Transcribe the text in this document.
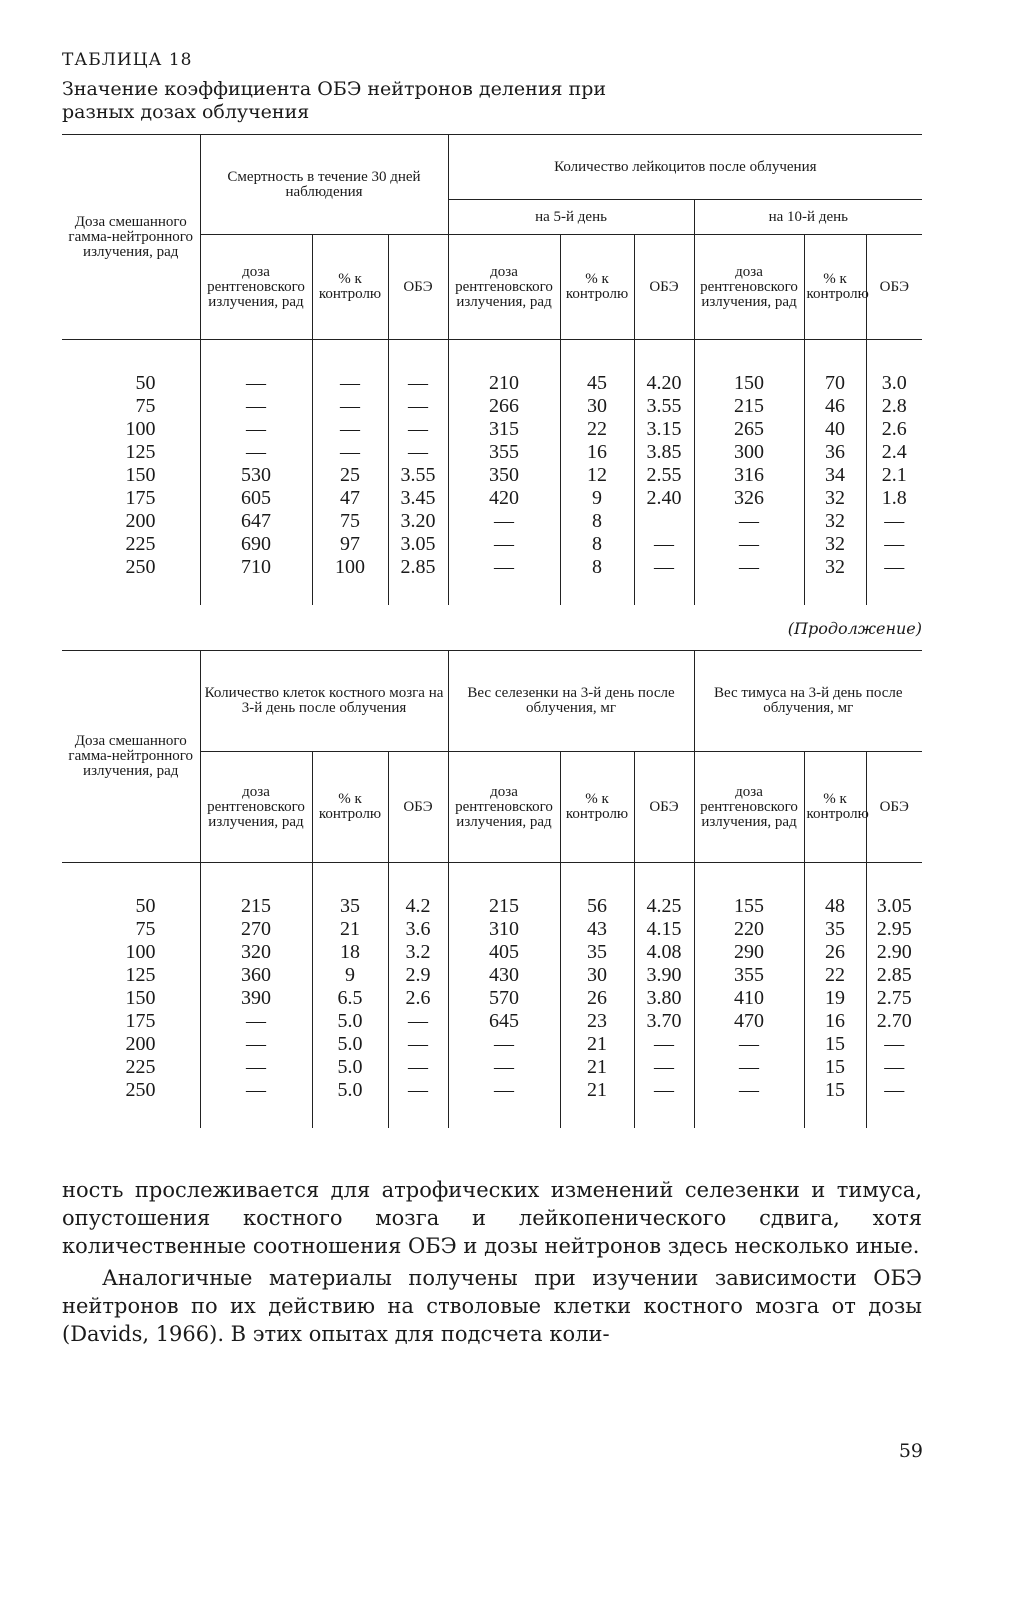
ТАБЛИЦА 18
Значение коэффициента ОБЭ нейтронов деления при разных дозах облучения
Доза смешанного гамма-нейтронного излучения, рад	Смертность в течение 30 дней наблюдения			Количество лейкоцитов после облучения					
				на 5-й день			на 10-й день		
	доза рентгеновского излучения, рад	% к контролю	ОБЭ	доза рентгеновского излучения, рад	% к контролю	ОБЭ	доза рентгеновского излучения, рад	% к контролю	ОБЭ

50	—	—	—	210	45	4.20	150	70	3.0
75	—	—	—	266	30	3.55	215	46	2.8
100	—	—	—	315	22	3.15	265	40	2.6
125	—	—	—	355	16	3.85	300	36	2.4
150	530	25	3.55	350	12	2.55	316	34	2.1
175	605	47	3.45	420	9	2.40	326	32	1.8
200	647	75	3.20	—	8		—	32	—
225	690	97	3.05	—	8	—	—	32	—
250	710	100	2.85	—	8	—	—	32	—

(Продолжение)
Доза смешанного гамма-нейтронного излучения, рад	Количество клеток костного мозга на 3-й день после облучения			Вес селезенки на 3-й день после облучения, мг			Вес тимуса на 3-й день после облучения, мг		
	доза рентгеновского излучения, рад	% к контролю	ОБЭ	доза рентгеновского излучения, рад	% к контролю	ОБЭ	доза рентгеновского излучения, рад	% к контролю	ОБЭ

50	215	35	4.2	215	56	4.25	155	48	3.05
75	270	21	3.6	310	43	4.15	220	35	2.95
100	320	18	3.2	405	35	4.08	290	26	2.90
125	360	9	2.9	430	30	3.90	355	22	2.85
150	390	6.5	2.6	570	26	3.80	410	19	2.75
175	—	5.0	—	645	23	3.70	470	16	2.70
200	—	5.0	—	—	21	—	—	15	—
225	—	5.0	—	—	21	—	—	15	—
250	—	5.0	—	—	21	—	—	15	—

ность прослеживается для атрофических изменений селезенки и тимуса, опустошения костного мозга и лейкопенического сдвига, хотя количественные соотношения ОБЭ и дозы нейтронов здесь несколько иные.

Аналогичные материалы получены при изучении зависимости ОБЭ нейтронов по их действию на стволовые клетки костного мозга от дозы (Davids, 1966). В этих опытах для подсчета коли-

59
